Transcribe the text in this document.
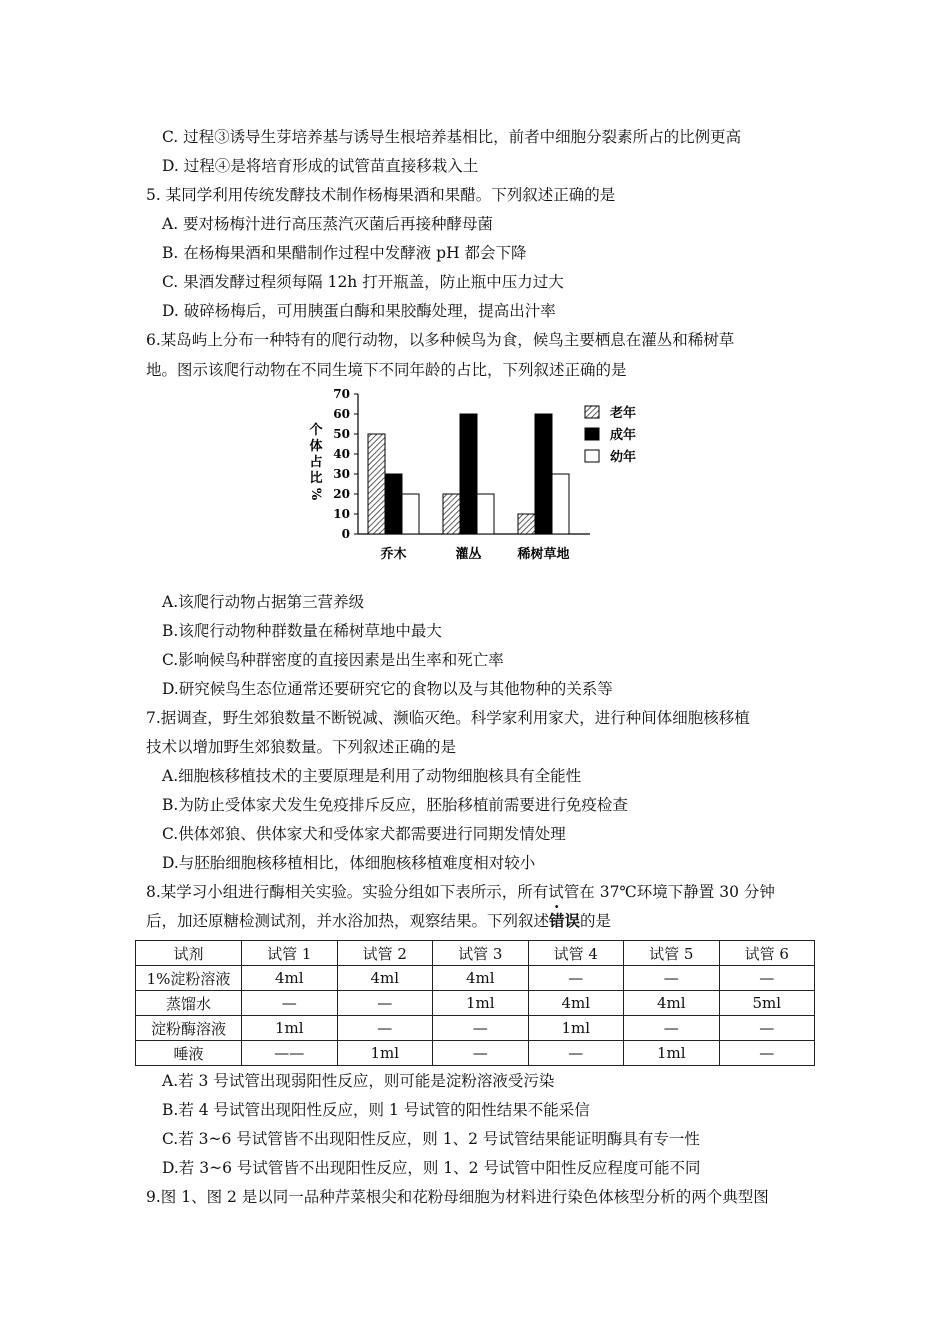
C. 过程③诱导生芽培养基与诱导生根培养基相比，前者中细胞分裂素所占的比例更高
D. 过程④是将培育形成的试管苗直接移栽入土
5. 某同学利用传统发酵技术制作杨梅果酒和果醋。下列叙述正确的是
A. 要对杨梅汁进行高压蒸汽灭菌后再接种酵母菌
B. 在杨梅果酒和果醋制作过程中发酵液 pH 都会下降
C. 果酒发酵过程须每隔 12h 打开瓶盖，防止瓶中压力过大
D. 破碎杨梅后，可用胰蛋白酶和果胶酶处理，提高出汁率
6.某岛屿上分布一种特有的爬行动物，以多种候鸟为食，候鸟主要栖息在灌丛和稀树草
地。图示该爬行动物在不同生境下不同年龄的占比，下列叙述正确的是
个
体
占
比
%
0
10
20
30
40
50
60
70
乔木	灌丛	稀树草地
老年
成年
幼年
A.该爬行动物占据第三营养级
B.该爬行动物种群数量在稀树草地中最大
C.影响候鸟种群密度的直接因素是出生率和死亡率
D.研究候鸟生态位通常还要研究它的食物以及与其他物种的关系等
7.据调查，野生郊狼数量不断锐减、濒临灭绝。科学家利用家犬，进行种间体细胞核移植
技术以增加野生郊狼数量。下列叙述正确的是
A.细胞核移植技术的主要原理是利用了动物细胞核具有全能性
B.为防止受体家犬发生免疫排斥反应，胚胎移植前需要进行免疫检查
C.供体郊狼、供体家犬和受体家犬都需要进行同期发情处理
D.与胚胎细胞核移植相比，体细胞核移植难度相对较小
8.某学习小组进行酶相关实验。实验分组如下表所示，所有试管在 37℃环境下静置 30 分钟
后，加还原糖检测试剂，并水浴加热，观察结果。下列叙述错误的是
试剂	试管 1	试管 2	试管 3	试管 4	试管 5	试管 6
1%淀粉溶液	4ml	4ml	4ml	—	—	—
蒸馏水	—	—	1ml	4ml	4ml	5ml
淀粉酶溶液	1ml	—	—	1ml	—	—
唾液	——	1ml	—	—	1ml	—
A.若 3 号试管出现弱阳性反应，则可能是淀粉溶液受污染
B.若 4 号试管出现阳性反应，则 1 号试管的阳性结果不能采信
C.若 3~6 号试管皆不出现阳性反应，则 1、2 号试管结果能证明酶具有专一性
D.若 3~6 号试管皆不出现阳性反应，则 1、2 号试管中阳性反应程度可能不同
9.图 1、图 2 是以同一品种芹菜根尖和花粉母细胞为材料进行染色体核型分析的两个典型图
